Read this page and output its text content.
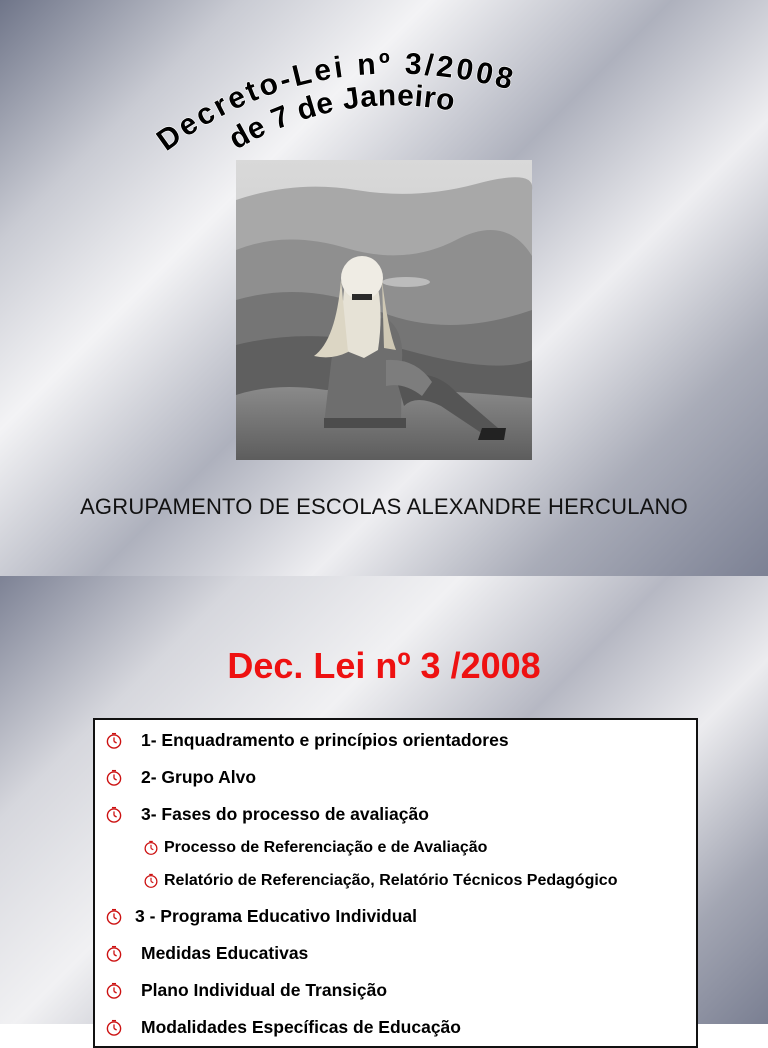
Decreto-Lei nº 3/2008
de 7 de Janeiro
AGRUPAMENTO DE ESCOLAS ALEXANDRE HERCULANO
Dec. Lei nº 3 /2008
1- Enquadramento e princípios orientadores
2- Grupo Alvo
3- Fases do processo de avaliação
Processo de Referenciação e de Avaliação
Relatório de Referenciação, Relatório Técnicos Pedagógico
3 - Programa Educativo Individual
Medidas Educativas
Plano Individual de Transição
Modalidades Específicas de Educação
